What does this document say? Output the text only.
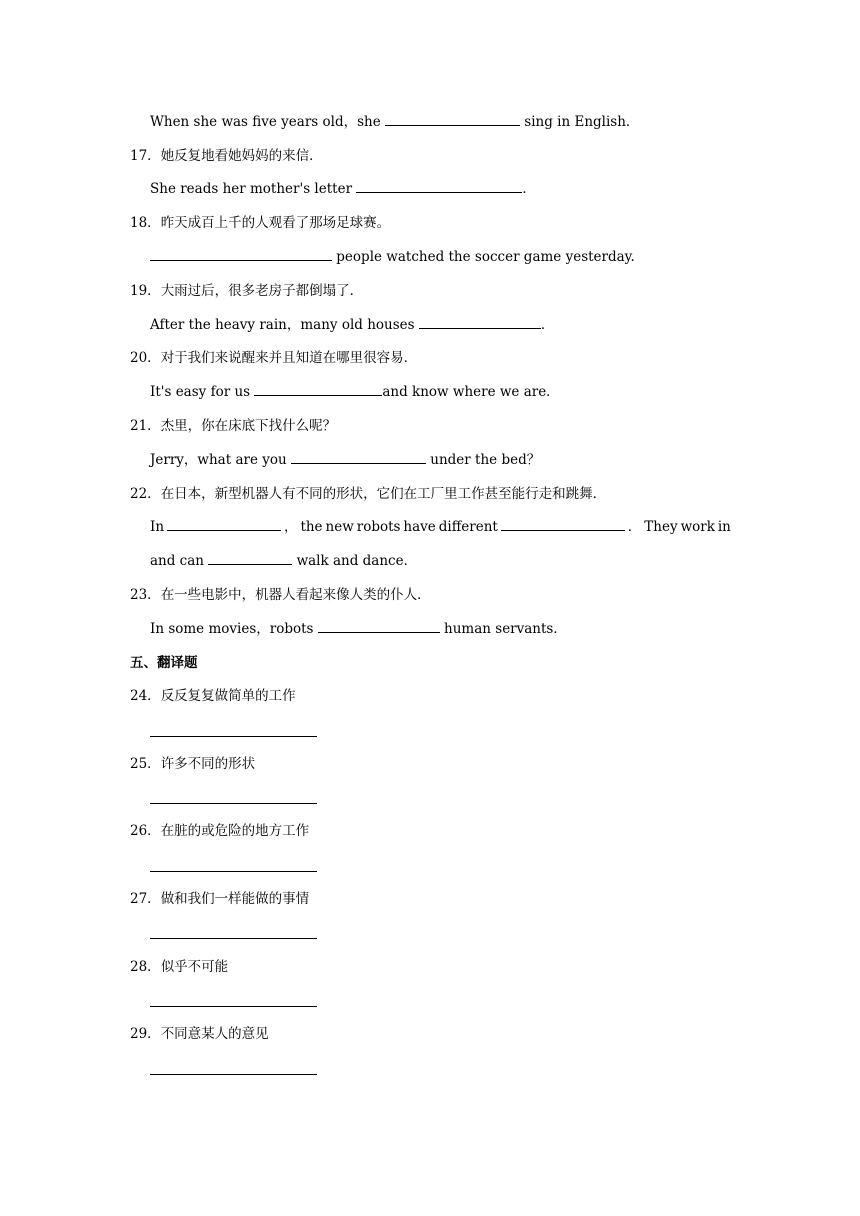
When she was five years old，she	sing in English．
17．她反复地看她妈妈的来信．
She reads her mother's letter	．
18．昨天成百上千的人观看了那场足球赛。
people watched the soccer game yesterday.
19．大雨过后，很多老房子都倒塌了．
After the heavy rain，many old houses	．
20．对于我们来说醒来并且知道在哪里很容易．
It's easy for us	and know where we are．
21．杰里，你在床底下找什么呢？
Jerry，what are you	under the bed？
22．在日本，新型机器人有不同的形状，它们在工厂里工作甚至能行走和跳舞．
In	， the new robots have different	． They work in
and can	walk and dance．
23．在一些电影中，机器人看起来像人类的仆人．
In some movies，robots	human servants．
五、翻译题
24．反反复复做简单的工作
25．许多不同的形状
26．在脏的或危险的地方工作
27．做和我们一样能做的事情
28．似乎不可能
29．不同意某人的意见
